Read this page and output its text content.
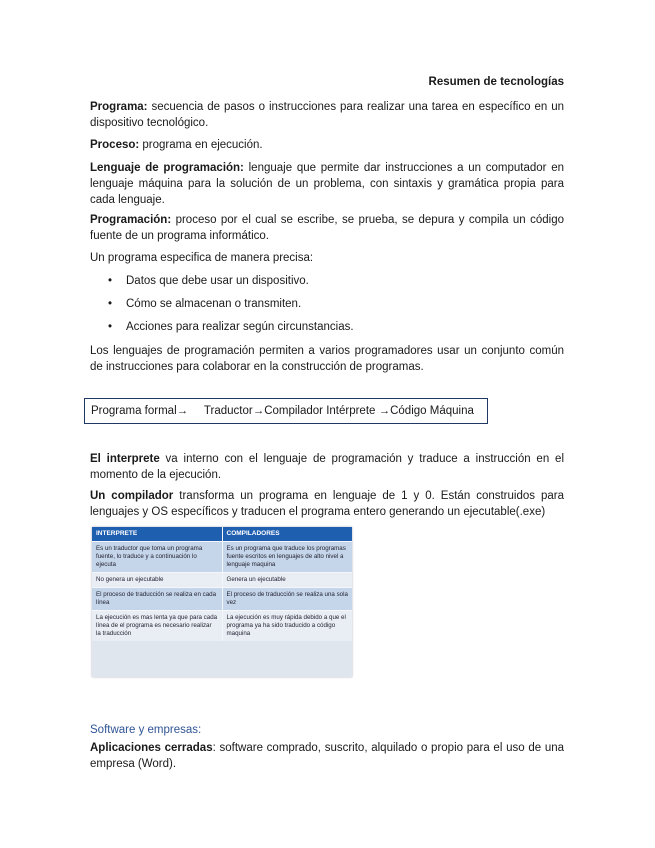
Resumen de tecnologías

Programa: secuencia de pasos o instrucciones para realizar una tarea en específico en un dispositivo tecnológico.

Proceso: programa en ejecución.

Lenguaje de programación: lenguaje que permite dar instrucciones a un computador en lenguaje máquina para la solución de un problema, con sintaxis y gramática propia para cada lenguaje.

Programación: proceso por el cual se escribe, se prueba, se depura y compila un código fuente de un programa informático.

Un programa especifica de manera precisa:

• Datos que debe usar un dispositivo.
• Cómo se almacenan o transmiten.
• Acciones para realizar según circunstancias.

Los lenguajes de programación permiten a varios programadores usar un conjunto común de instrucciones para colaborar en la construcción de programas.

Programa formal→     Traductor→Compilador Intérprete →Código Máquina

El interprete va interno con el lenguaje de programación y traduce a instrucción en el momento de la ejecución.

Un compilador transforma un programa en lenguaje de 1 y 0. Están construidos para lenguajes y OS específicos y traducen el programa entero generando un ejecutable(.exe)

INTERPRETE	COMPILADORES
Es un traductor que toma un programa fuente, lo traduce y a continuación lo ejecuta	Es un programa que traduce los programas fuente escritos en lenguajes de alto nivel a lenguaje maquina
No genera un ejecutable	Genera un ejecutable
El proceso de traducción se realiza en cada línea	El proceso de traducción se realiza una sola vez
La ejecución es mas lenta ya que para cada línea de el programa es necesario realizar la traducción	La ejecución es muy rápida debido a que el programa ya ha sido traducido a código maquina

Software y empresas:

Aplicaciones cerradas: software comprado, suscrito, alquilado o propio para el uso de una empresa (Word).
